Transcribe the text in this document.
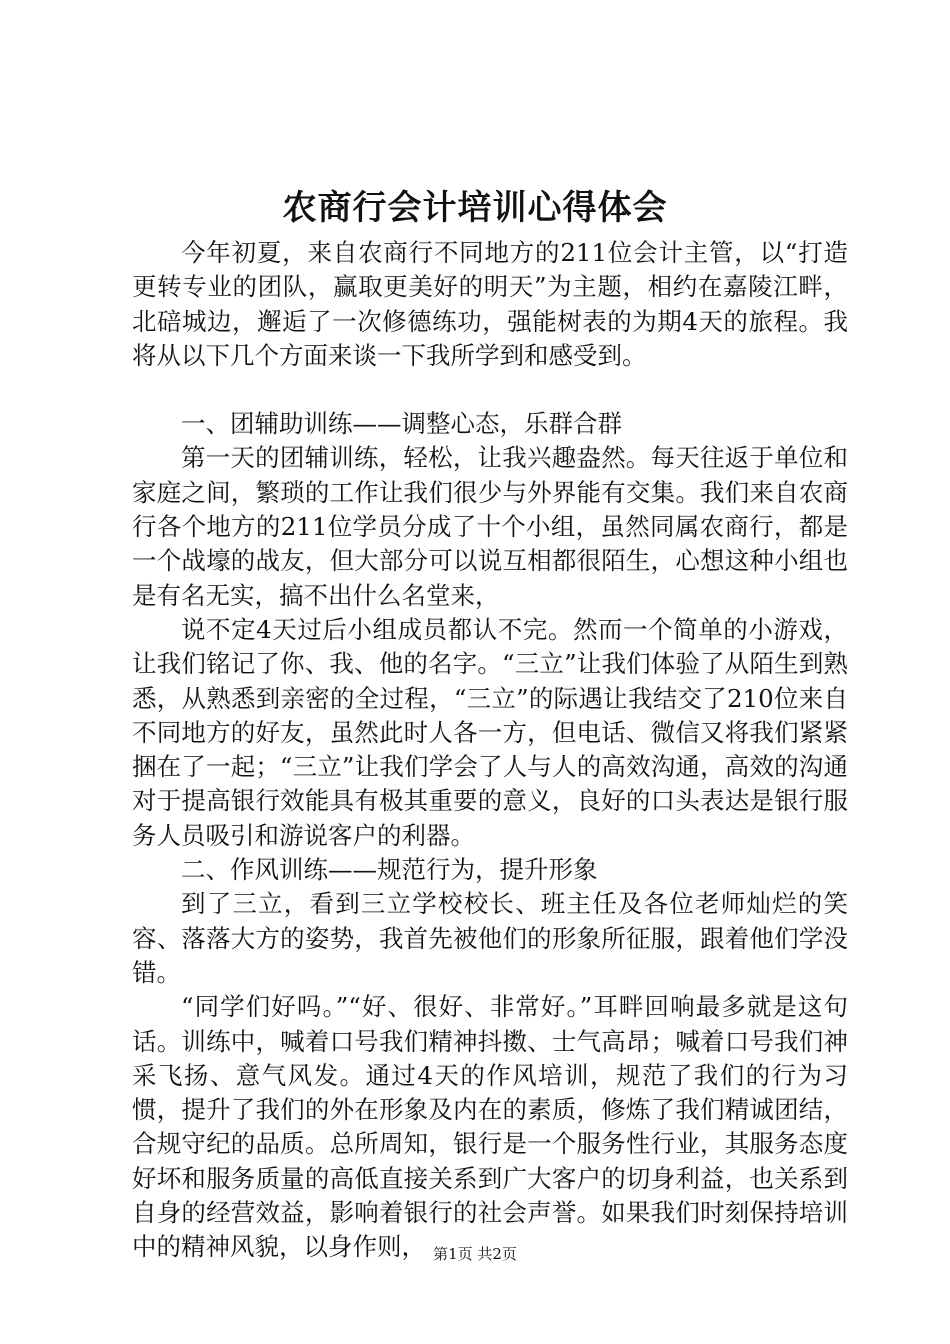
农商行会计培训心得体会

今年初夏，来自农商行不同地方的211位会计主管，以“打造更转专业的团队，赢取更美好的明天”为主题，相约在嘉陵江畔，北碚城边，邂逅了一次修德练功，强能树表的为期4天的旅程。我将从以下几个方面来谈一下我所学到和感受到。

一、团辅助训练——调整心态，乐群合群

第一天的团辅训练，轻松，让我兴趣盎然。每天往返于单位和家庭之间，繁琐的工作让我们很少与外界能有交集。我们来自农商行各个地方的211位学员分成了十个小组，虽然同属农商行，都是一个战壕的战友，但大部分可以说互相都很陌生，心想这种小组也是有名无实，搞不出什么名堂来，

说不定4天过后小组成员都认不完。然而一个简单的小游戏，让我们铭记了你、我、他的名字。“三立”让我们体验了从陌生到熟悉，从熟悉到亲密的全过程，“三立”的际遇让我结交了210位来自不同地方的好友，虽然此时人各一方，但电话、微信又将我们紧紧捆在了一起；“三立”让我们学会了人与人的高效沟通，高效的沟通对于提高银行效能具有极其重要的意义，良好的口头表达是银行服务人员吸引和游说客户的利器。

二、作风训练——规范行为，提升形象

到了三立，看到三立学校校长、班主任及各位老师灿烂的笑容、落落大方的姿势，我首先被他们的形象所征服，跟着他们学没错。

“同学们好吗。”“好、很好、非常好。”耳畔回响最多就是这句话。训练中，喊着口号我们精神抖擞、士气高昂；喊着口号我们神采飞扬、意气风发。通过4天的作风培训，规范了我们的行为习惯，提升了我们的外在形象及内在的素质，修炼了我们精诚团结，合规守纪的品质。总所周知，银行是一个服务性行业，其服务态度好坏和服务质量的高低直接关系到广大客户的切身利益，也关系到自身的经营效益，影响着银行的社会声誉。如果我们时刻保持培训中的精神风貌，以身作则， 第1页 共2页
